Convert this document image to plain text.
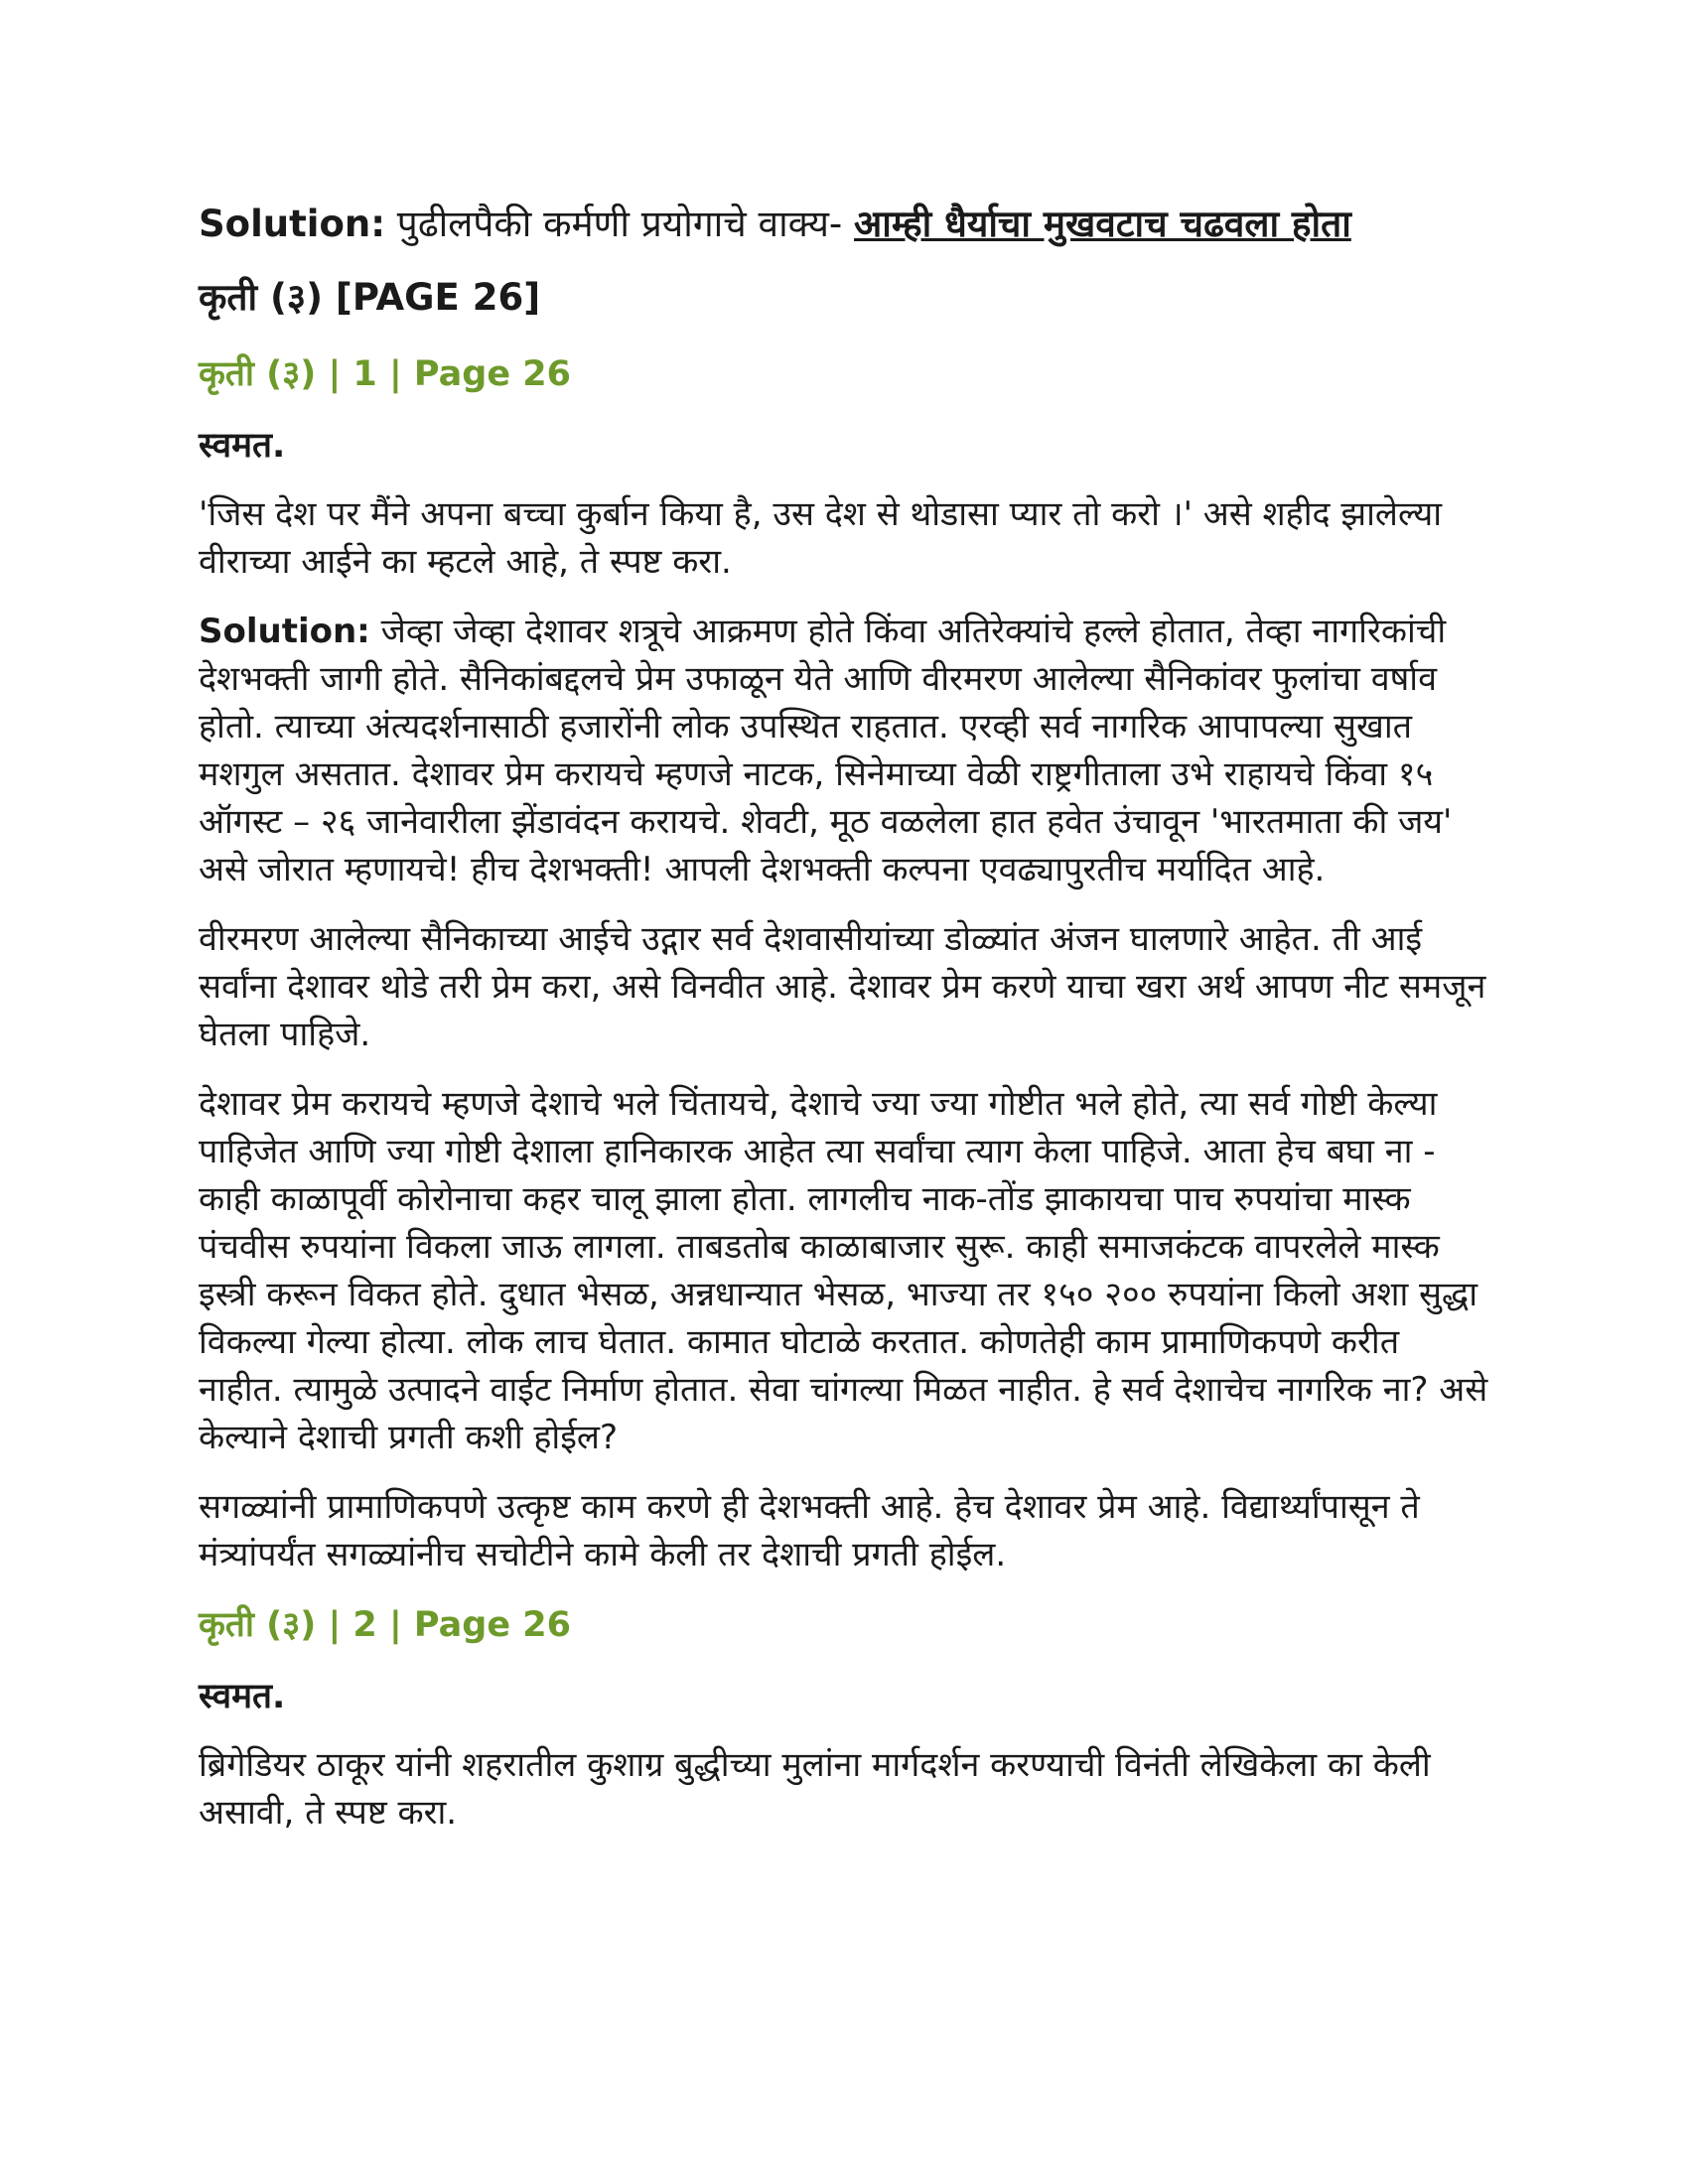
Solution: पुढीलपैकी कर्मणी प्रयोगाचे वाक्य- आम्ही धैर्याचा मुखवटाच चढवला होता

कृती (३) [PAGE 26]

कृती (३) | 1 | Page 26

स्वमत.

'जिस देश पर मैंने अपना बच्चा कुर्बान किया है, उस देश से थोडासा प्यार तो करो ।' असे शहीद झालेल्या वीराच्या आईने का म्हटले आहे, ते स्पष्ट करा.

Solution: जेव्हा जेव्हा देशावर शत्रूचे आक्रमण होते किंवा अतिरेक्यांचे हल्ले होतात, तेव्हा नागरिकांची देशभक्ती जागी होते. सैनिकांबद्दलचे प्रेम उफाळून येते आणि वीरमरण आलेल्या सैनिकांवर फुलांचा वर्षाव होतो. त्याच्या अंत्यदर्शनासाठी हजारोंनी लोक उपस्थित राहतात. एरव्ही सर्व नागरिक आपापल्या सुखात मशगुल असतात. देशावर प्रेम करायचे म्हणजे नाटक, सिनेमाच्या वेळी राष्ट्रगीताला उभे राहायचे किंवा १५ ऑगस्ट – २६ जानेवारीला झेंडावंदन करायचे. शेवटी, मूठ वळलेला हात हवेत उंचावून 'भारतमाता की जय' असे जोरात म्हणायचे! हीच देशभक्ती! आपली देशभक्ती कल्पना एवढ्यापुरतीच मर्यादित आहे.

वीरमरण आलेल्या सैनिकाच्या आईचे उद्गार सर्व देशवासीयांच्या डोळ्यांत अंजन घालणारे आहेत. ती आई सर्वांना देशावर थोडे तरी प्रेम करा, असे विनवीत आहे. देशावर प्रेम करणे याचा खरा अर्थ आपण नीट समजून घेतला पाहिजे.

देशावर प्रेम करायचे म्हणजे देशाचे भले चिंतायचे, देशाचे ज्या ज्या गोष्टीत भले होते, त्या सर्व गोष्टी केल्या पाहिजेत आणि ज्या गोष्टी देशाला हानिकारक आहेत त्या सर्वांचा त्याग केला पाहिजे. आता हेच बघा ना - काही काळापूर्वी कोरोनाचा कहर चालू झाला होता. लागलीच नाक-तोंड झाकायचा पाच रुपयांचा मास्क पंचवीस रुपयांना विकला जाऊ लागला. ताबडतोब काळाबाजार सुरू. काही समाजकंटक वापरलेले मास्क इस्त्री करून विकत होते. दुधात भेसळ, अन्नधान्यात भेसळ, भाज्या तर १५० २०० रुपयांना किलो अशा सुद्धा विकल्या गेल्या होत्या. लोक लाच घेतात. कामात घोटाळे करतात. कोणतेही काम प्रामाणिकपणे करीत नाहीत. त्यामुळे उत्पादने वाईट निर्माण होतात. सेवा चांगल्या मिळत नाहीत. हे सर्व देशाचेच नागरिक ना? असे केल्याने देशाची प्रगती कशी होईल?

सगळ्यांनी प्रामाणिकपणे उत्कृष्ट काम करणे ही देशभक्ती आहे. हेच देशावर प्रेम आहे. विद्यार्थ्यांपासून ते मंत्र्यांपर्यंत सगळ्यांनीच सचोटीने कामे केली तर देशाची प्रगती होईल.

कृती (३) | 2 | Page 26

स्वमत.

ब्रिगेडियर ठाकूर यांनी शहरातील कुशाग्र बुद्धीच्या मुलांना मार्गदर्शन करण्याची विनंती लेखिकेला का केली असावी, ते स्पष्ट करा.
